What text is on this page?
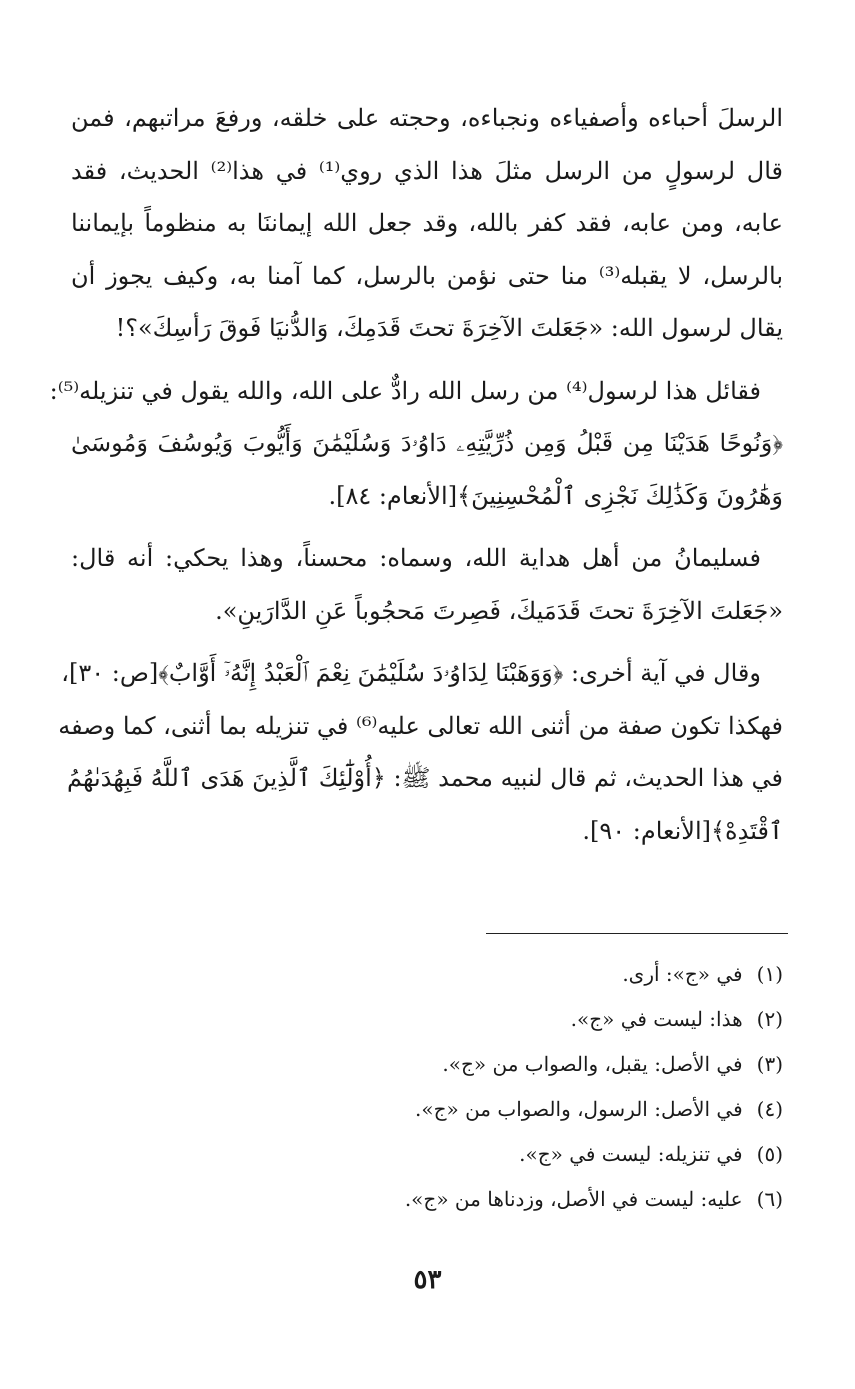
الرسلَ أحباءه وأصفياءه ونجباءه، وحجته على خلقه، ورفعَ مراتبهم، فمن
قال لرسولٍ من الرسل مثلَ هذا الذي روي⁽¹⁾ في هذا⁽²⁾ الحديث، فقد
عابه، ومن عابه، فقد كفر بالله، وقد جعل الله إيماننَا به منظوماً بإيماننا
بالرسل، لا يقبله⁽³⁾ منا حتى نؤمن بالرسل، كما آمنا به، وكيف يجوز أن
يقال لرسول الله: «جَعَلتَ الآخِرَةَ تحتَ قَدَمِكَ، وَالدُّنيَا فَوقَ رَأسِكَ»؟!
فقائل هذا لرسول⁽⁴⁾ من رسل الله رادٌّ على الله، والله يقول في تنزيله⁽⁵⁾:
﴿وَنُوحًا هَدَيْنَا مِن قَبْلُ وَمِن ذُرِّيَّتِهِۦ دَاوُۥدَ وَسُلَيْمَٰنَ وَأَيُّوبَ وَيُوسُفَ وَمُوسَىٰ
وَهَٰرُونَ وَكَذَٰلِكَ نَجْزِى ٱلْمُحْسِنِينَ﴾[الأنعام: ٨٤].
فسليمانُ من أهل هداية الله، وسماه: محسناً، وهذا يحكي: أنه قال:
«جَعَلتَ الآخِرَةَ تحتَ قَدَمَيكَ، فَصِرتَ مَحجُوباً عَنِ الدَّارَينِ».
وقال في آية أخرى: ﴿وَوَهَبْنَا لِدَاوُۥدَ سُلَيْمَٰنَ نِعْمَ ٱلْعَبْدُ إِنَّهُۥٓ أَوَّابٌ﴾[ص: ٣٠]،
فهكذا تكون صفة من أثنى الله تعالى عليه⁽⁶⁾ في تنزيله بما أثنى، كما وصفه
في هذا الحديث، ثم قال لنبيه محمد ﷺ: ﴿أُوْلَٰٓئِكَ ٱلَّذِينَ هَدَى ٱللَّهُ فَبِهُدَىٰهُمُ
ٱقْتَدِهْ﴾[الأنعام: ٩٠].
(١)في «ج»: أرى.
(٢)هذا: ليست في «ج».
(٣)في الأصل: يقبل، والصواب من «ج».
(٤)في الأصل: الرسول، والصواب من «ج».
(٥)في تنزيله: ليست في «ج».
(٦)عليه: ليست في الأصل، وزدناها من «ج».
٥٣
